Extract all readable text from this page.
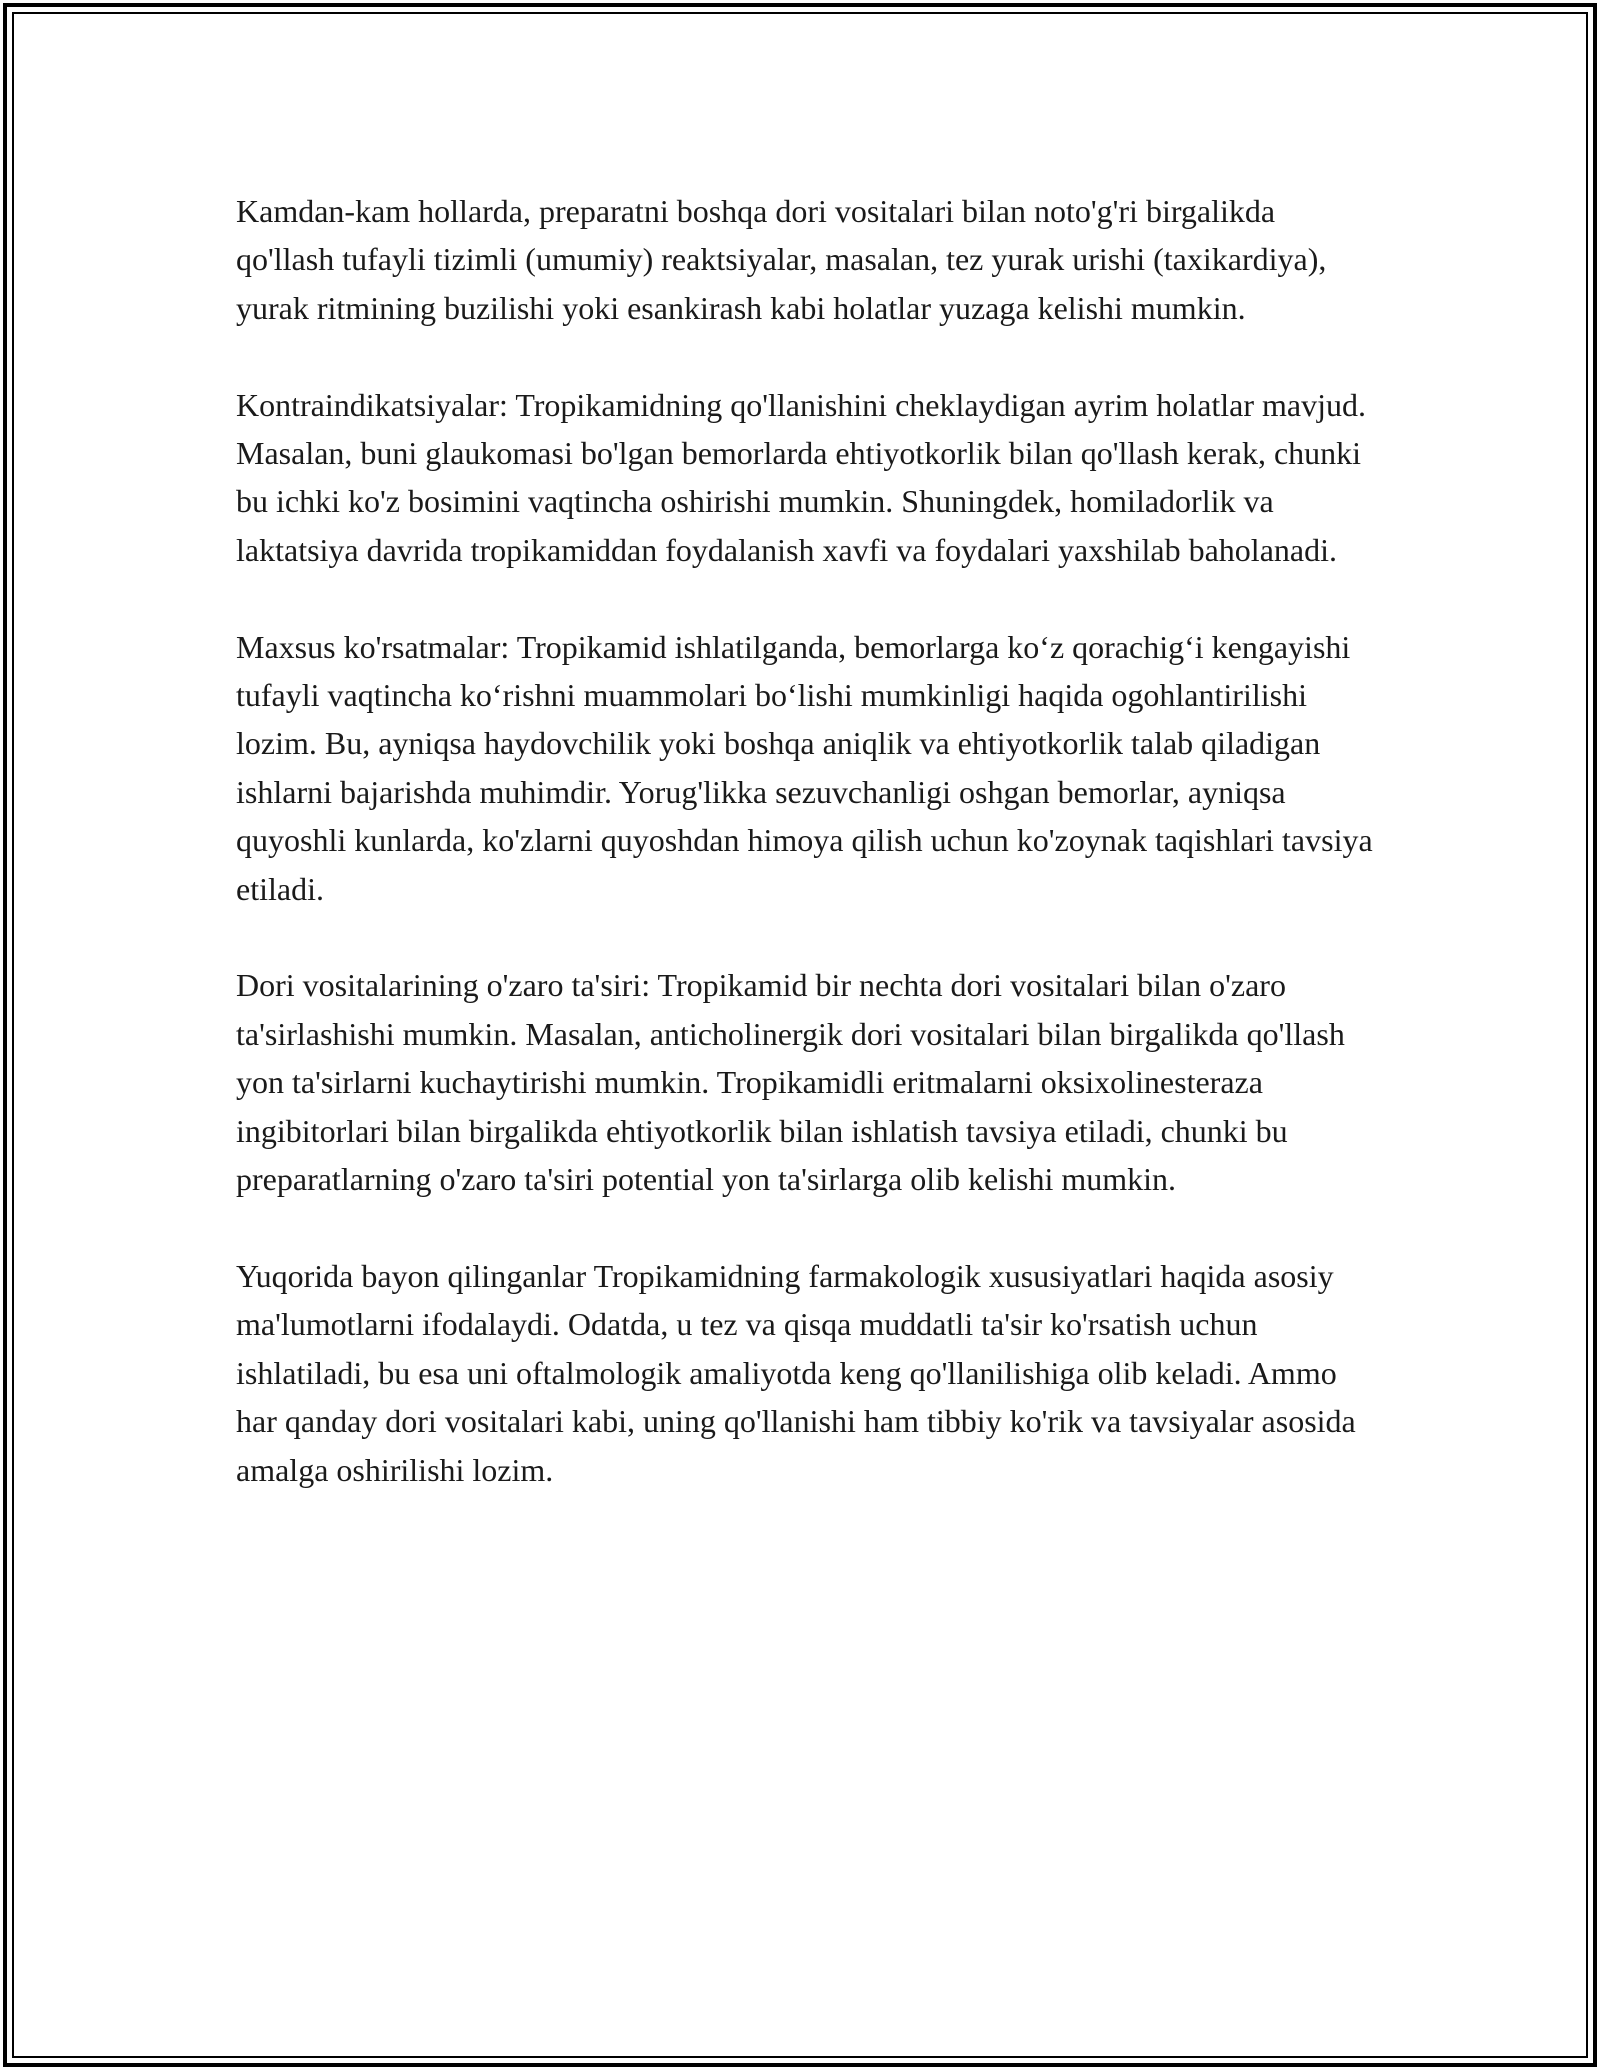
Kamdan-kam hollarda, preparatni boshqa dori vositalari bilan noto'g'ri birgalikda qo'llash tufayli tizimli (umumiy) reaktsiyalar, masalan, tez yurak urishi (taxikardiya), yurak ritmining buzilishi yoki esankirash kabi holatlar yuzaga kelishi mumkin.

Kontraindikatsiyalar: Tropikamidning qo'llanishini cheklaydigan ayrim holatlar mavjud. Masalan, buni glaukomasi bo'lgan bemorlarda ehtiyotkorlik bilan qo'llash kerak, chunki bu ichki ko'z bosimini vaqtincha oshirishi mumkin. Shuningdek, homiladorlik va laktatsiya davrida tropikamiddan foydalanish xavfi va foydalari yaxshilab baholanadi.

Maxsus ko'rsatmalar: Tropikamid ishlatilganda, bemorlarga koʻz qorachigʻi kengayishi tufayli vaqtincha koʻrishni muammolari boʻlishi mumkinligi haqida ogohlantirilishi lozim. Bu, ayniqsa haydovchilik yoki boshqa aniqlik va ehtiyotkorlik talab qiladigan ishlarni bajarishda muhimdir. Yorug'likka sezuvchanligi oshgan bemorlar, ayniqsa quyoshli kunlarda, ko'zlarni quyoshdan himoya qilish uchun ko'zoynak taqishlari tavsiya etiladi.

Dori vositalarining o'zaro ta'siri: Tropikamid bir nechta dori vositalari bilan o'zaro ta'sirlashishi mumkin. Masalan, anticholinergik dori vositalari bilan birgalikda qo'llash yon ta'sirlarni kuchaytirishi mumkin. Tropikamidli eritmalarni oksixolinesteraza ingibitorlari bilan birgalikda ehtiyotkorlik bilan ishlatish tavsiya etiladi, chunki bu preparatlarning o'zaro ta'siri potential yon ta'sirlarga olib kelishi mumkin.

Yuqorida bayon qilinganlar Tropikamidning farmakologik xususiyatlari haqida asosiy ma'lumotlarni ifodalaydi. Odatda, u tez va qisqa muddatli ta'sir ko'rsatish uchun ishlatiladi, bu esa uni oftalmologik amaliyotda keng qo'llanilishiga olib keladi. Ammo har qanday dori vositalari kabi, uning qo'llanishi ham tibbiy ko'rik va tavsiyalar asosida amalga oshirilishi lozim.
